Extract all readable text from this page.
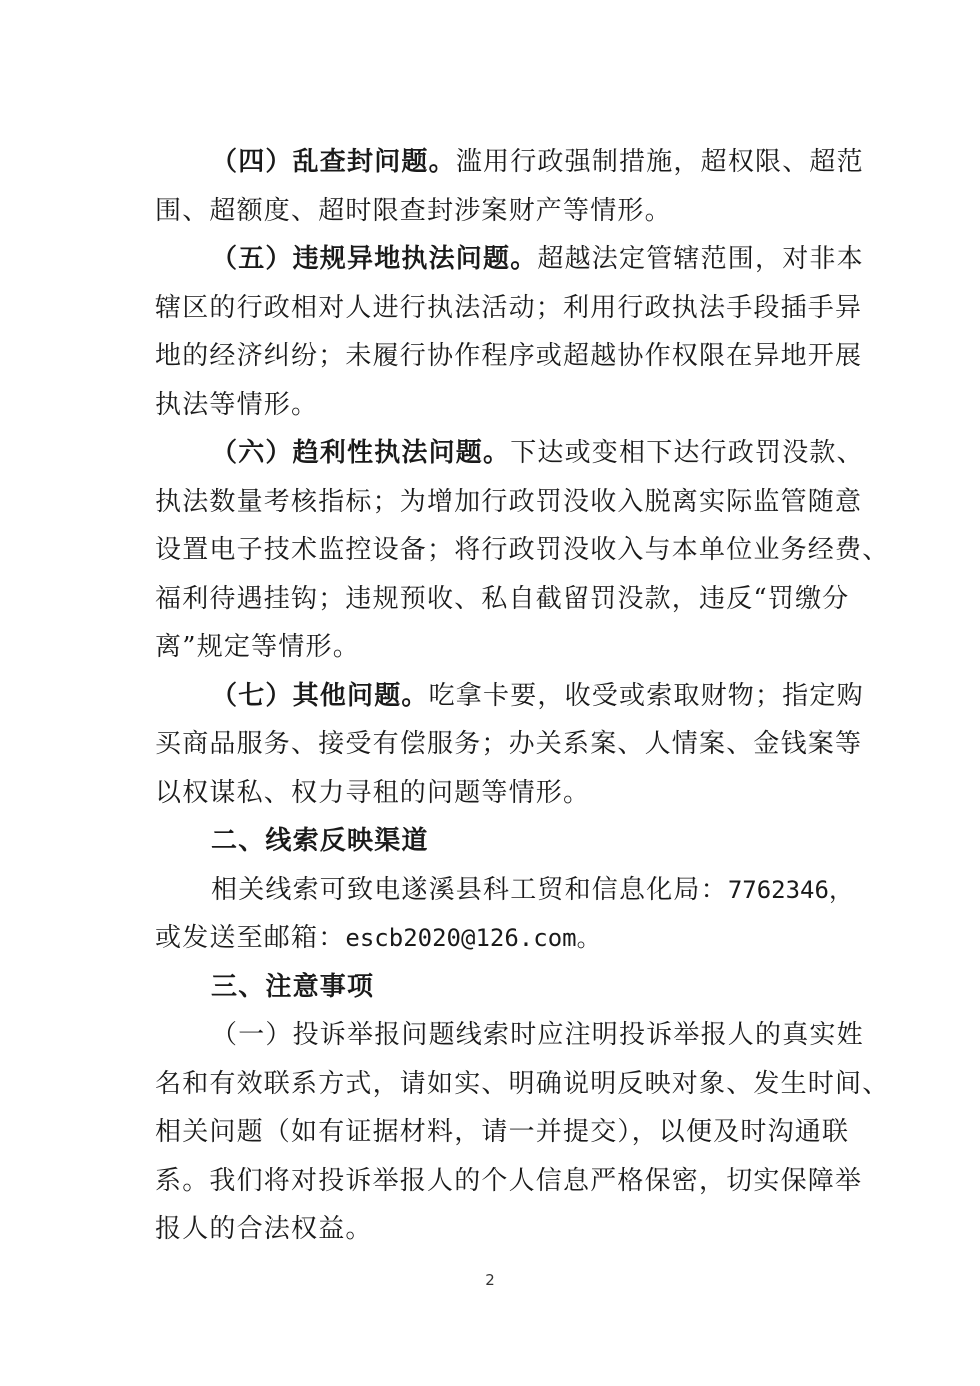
（四）乱查封问题。滥用行政强制措施，超权限、超范
围、超额度、超时限查封涉案财产等情形。
（五）违规异地执法问题。超越法定管辖范围，对非本
辖区的行政相对人进行执法活动；利用行政执法手段插手异
地的经济纠纷；未履行协作程序或超越协作权限在异地开展
执法等情形。
（六）趋利性执法问题。下达或变相下达行政罚没款、
执法数量考核指标；为增加行政罚没收入脱离实际监管随意
设置电子技术监控设备；将行政罚没收入与本单位业务经费、
福利待遇挂钩；违规预收、私自截留罚没款，违反“罚缴分
离”规定等情形。
（七）其他问题。吃拿卡要，收受或索取财物；指定购
买商品服务、接受有偿服务；办关系案、人情案、金钱案等
以权谋私、权力寻租的问题等情形。
二、线索反映渠道
相关线索可致电遂溪县科工贸和信息化局：7762346，
或发送至邮箱：escb2020@126.com。
三、注意事项
（一）投诉举报问题线索时应注明投诉举报人的真实姓
名和有效联系方式，请如实、明确说明反映对象、发生时间、
相关问题（如有证据材料，请一并提交），以便及时沟通联
系。我们将对投诉举报人的个人信息严格保密，切实保障举
报人的合法权益。
2
